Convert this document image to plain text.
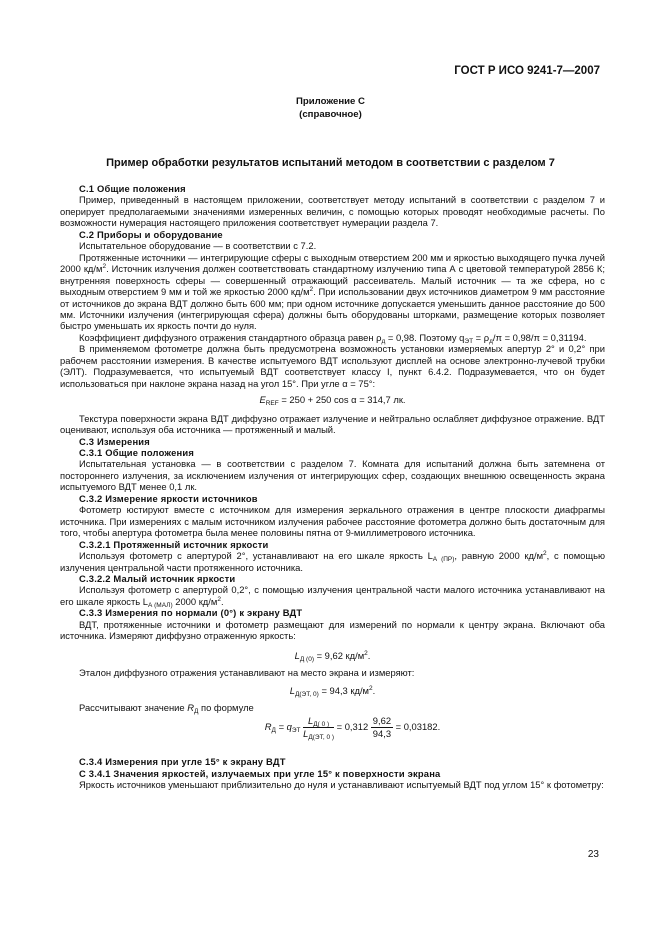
ГОСТ Р ИСО 9241-7—2007
Приложение С
(справочное)
Пример обработки результатов испытаний методом в соответствии с разделом 7
С.1 Общие положения

Пример, приведенный в настоящем приложении, соответствует методу испытаний в соответствии с разделом 7 и оперирует предполагаемыми значениями измеренных величин, с помощью которых проводят необходимые расчеты. По возможности нумерация настоящего приложения соответствует нумерации раздела 7.

С.2 Приборы и оборудование

Испытательное оборудование — в соответствии с 7.2.

Протяженные источники — интегрирующие сферы с выходным отверстием 200 мм и яркостью выходящего пучка лучей 2000 $кд/м^2$. Источник излучения должен соответствовать стандартному излучению типа А с цветовой температурой 2856 К; внутренняя поверхность сферы — совершенный отражающий рассеиватель. Малый источник — та же сфера, но с выходным отверстием 9 мм и той же яркостью 2000 $кд/м^2$. При использовании двух источников диаметром 9 мм расстояние от источников до экрана ВДТ должно быть 600 мм; при одном источнике допускается уменьшить данное расстояние до 500 мм. Источники излучения (интегрирующая сфера) должны быть оборудованы шторками, размещение которых позволяет быстро уменьшать их яркость почти до нуля.

Коэффициент диффузного отражения стандартного образца равен $\rho_д = 0,98$. Поэтому $q_{ЭТ} = \rho_д/\pi = 0,98/\pi = 0,31194$.

В применяемом фотометре должна быть предусмотрена возможность установки измеряемых апертур 2° и 0,2° при рабочем расстоянии измерения. В качестве испытуемого ВДТ используют дисплей на основе электронно-лучевой трубки (ЭЛТ). Подразумевается, что испытуемый ВДТ соответствует классу I, пункт 6.4.2. Подразумевается, что он будет использоваться при наклоне экрана назад на угол 15°. При угле α = 75°:

$E_{REF} = 250 + 250$ cos α = 314,7 лк.

Текстура поверхности экрана ВДТ диффузно отражает излучение и нейтрально ослабляет диффузное отражение. ВДТ оценивают, используя оба источника — протяженный и малый.

С.3 Измерения
С.3.1 Общие положения

Испытательная установка — в соответствии с разделом 7. Комната для испытаний должна быть затемнена от постороннего излучения, за исключением излучения от интегрирующих сфер, создающих внешнюю освещенность экрана испытуемого ВДТ менее 0,1 лк.

С.3.2 Измерение яркости источников

Фотометр юстируют вместе с источником для измерения зеркального отражения в центре плоскости диафрагмы источника. При измерениях с малым источником излучения рабочее расстояние фотометра должно быть достаточным для того, чтобы апертура фотометра была менее половины пятна от 9-миллиметрового источника.

С.3.2.1 Протяженный источник яркости

Используя фотометр с апертурой 2°, устанавливают на его шкале яркость $L_{А (ПР)}$, равную 2000 $кд/м^2$, с помощью излучения центральной части протяженного источника.

С.3.2.2 Малый источник яркости

Используя фотометр с апертурой 0,2°, с помощью излучения центральной части малого источника устанавливают на его шкале яркость $L_{А (МАЛ)}$ 2000 $кд/м^2$.

С.3.3 Измерения по нормали (0°) к экрану ВДТ

ВДТ, протяженные источники и фотометр размещают для измерений по нормали к центру экрана. Включают оба источника. Измеряют диффузно отраженную яркость:

$L_{Д (0)} = 9,62$ $кд/м^2$.

Эталон диффузного отражения устанавливают на место экрана и измеряют:

$L_{Д(ЭТ, 0)} = 94,3$ $кд/м^2$.

Рассчитывают значение $R_Д$ по формуле

$R_Д = q_{ЭТ} \frac{L_{Д( 0 )}}{L_{Д(ЭТ, 0 )}} = 0,312 \frac{9,62}{94,3} = 0,03182$.
С.3.4 Измерения при угле 15° к экрану ВДТ
С 3.4.1 Значения яркостей, излучаемых при угле 15° к поверхности экрана

Яркость источников уменьшают приблизительно до нуля и устанавливают испытуемый ВДТ под углом 15° к фотометру:

23
